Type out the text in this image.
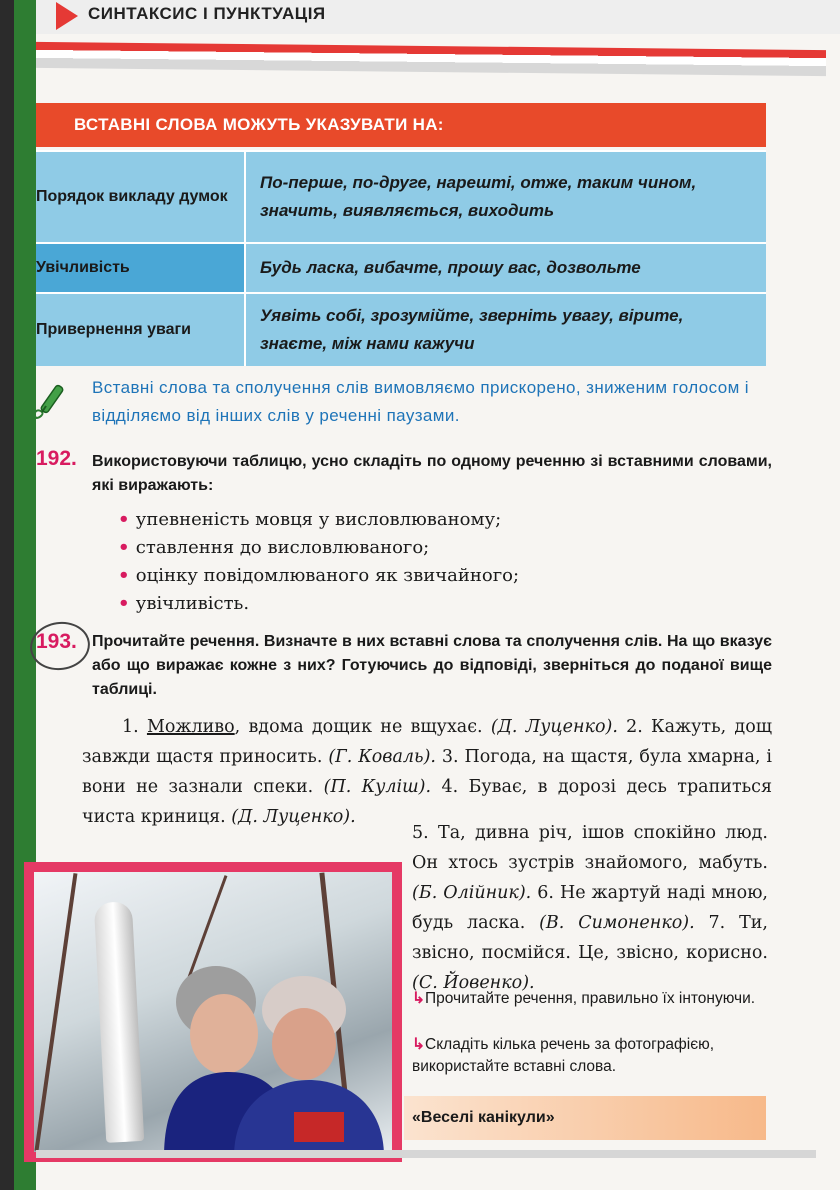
СИНТАКСИС І ПУНКТУАЦІЯ
ВСТАВНІ СЛОВА МОЖУТЬ УКАЗУВАТИ НА:
Порядок викладу думок
По-перше, по-друге, нарешті, отже, таким чином, значить, виявляється, виходить
Увічливість	Будь ласка, вибачте, прошу вас, дозвольте
Привернення уваги
Уявіть собі, зрозумійте, зверніть увагу, вірите, знаєте, між нами кажучи
Вставні слова та сполучення слів вимовляємо прискорено, зниженим голосом і відділяємо від інших слів у реченні паузами.
192. Використовуючи таблицю, усно складіть по одному реченню зі вставними словами, які виражають:
• упевненість мовця у висловлюваному;
• ставлення до висловлюваного;
• оцінку повідомлюваного як звичайного;
• увічливість.
193. Прочитайте речення. Визначте в них вставні слова та сполучення слів. На що вказує або що виражає кожне з них? Готуючись до відповіді, зверніться до поданої вище таблиці.
1. Можливо, вдома дощик не вщухає. (Д. Луценко). 2. Кажуть, дощ завжди щастя приносить. (Г. Коваль). 3. Погода, на щастя, була хмарна, і вони не зазнали спеки. (П. Куліш). 4. Буває, в дорозі десь трапиться чиста криниця. (Д. Луценко).
5. Та, дивна річ, ішов спокійно люд. Он хтось зустрів знайомого, мабуть. (Б. Олійник). 6. Не жартуй наді мною, будь ласка. (В. Симоненко). 7. Ти, звісно, посмійся. Це, звісно, корисно. (С. Йовенко).
↳Прочитайте речення, правильно їх інтонуючи.
↳Складіть кілька речень за фотографією, використайте вставні слова.
«Веселі канікули»
